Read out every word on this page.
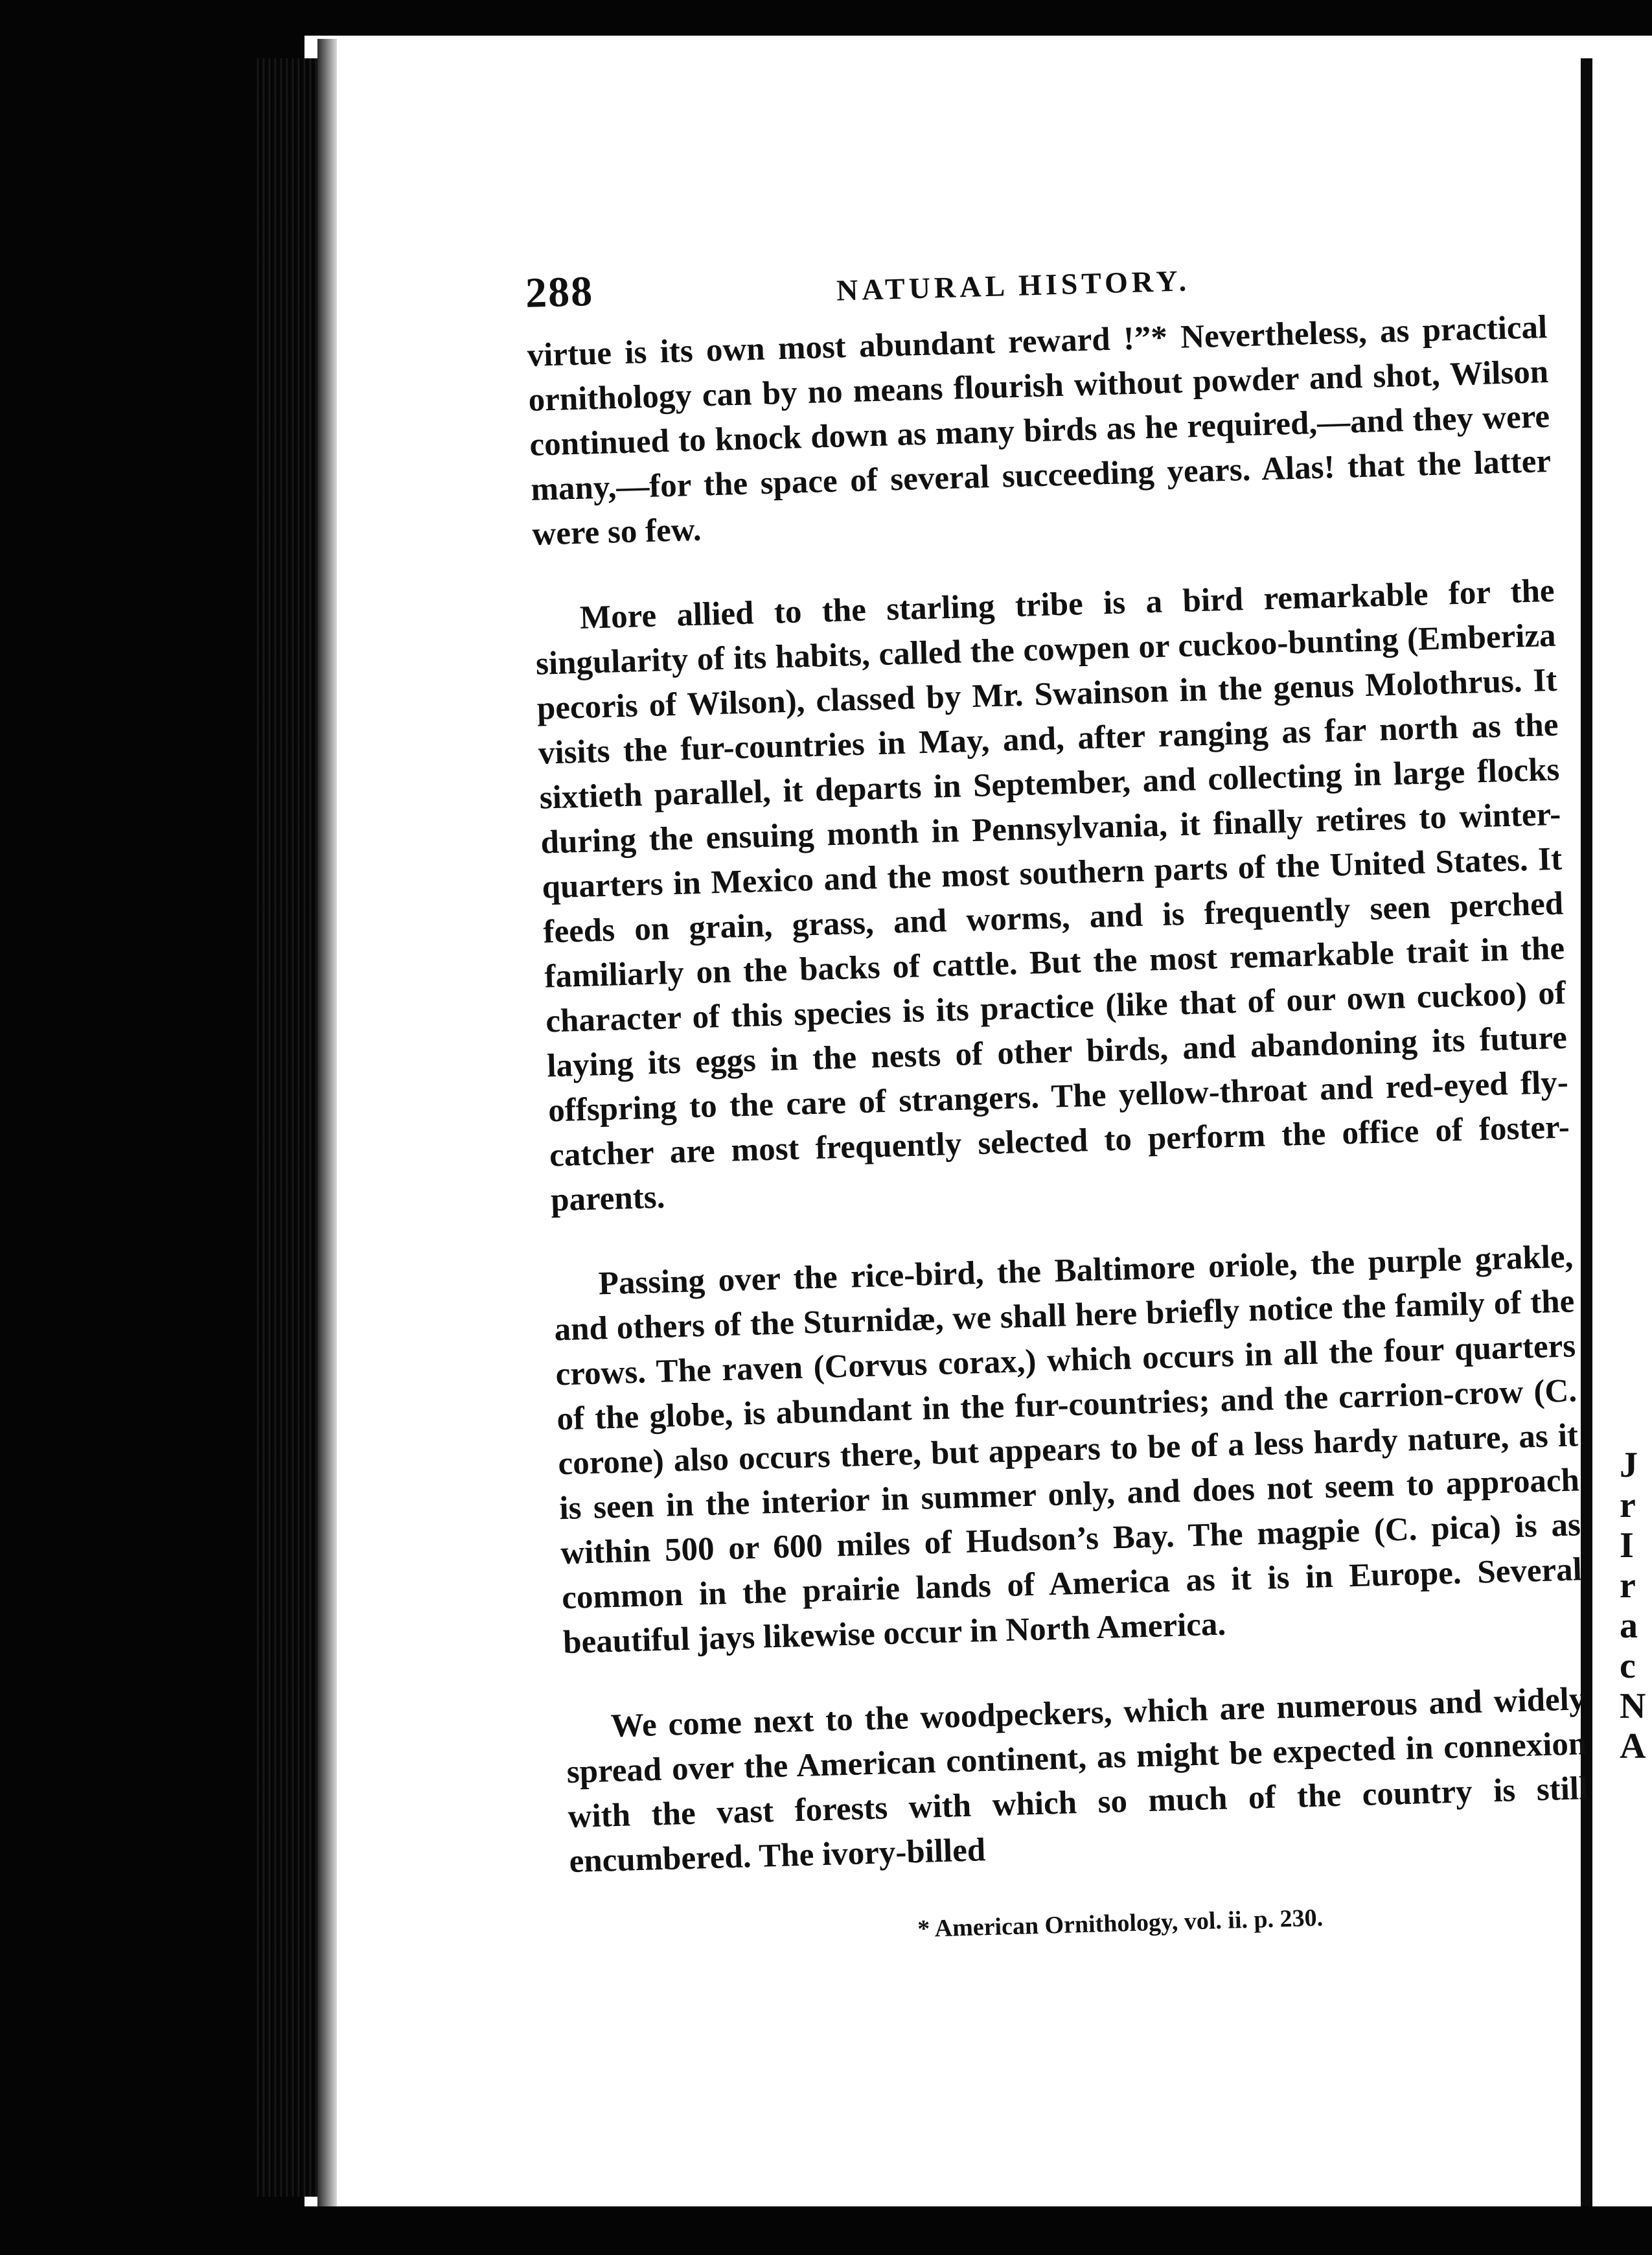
J
r
I
r
a
c
N
A
288	NATURAL HISTORY.

virtue is its own most abundant reward !”* Nevertheless, as practical ornithology can by no means flourish without powder and shot, Wilson continued to knock down as many birds as he required,—and they were many,—for the space of several succeeding years. Alas! that the latter were so few.

More allied to the starling tribe is a bird remarkable for the singularity of its habits, called the cowpen or cuckoo-bunting (Emberiza pecoris of Wilson), classed by Mr. Swainson in the genus Molothrus. It visits the fur-countries in May, and, after ranging as far north as the sixtieth parallel, it departs in September, and collecting in large flocks during the ensuing month in Pennsylvania, it finally retires to winter-quarters in Mexico and the most southern parts of the United States. It feeds on grain, grass, and worms, and is frequently seen perched familiarly on the backs of cattle. But the most remarkable trait in the character of this species is its practice (like that of our own cuckoo) of laying its eggs in the nests of other birds, and abandoning its future offspring to the care of strangers. The yellow-throat and red-eyed fly-catcher are most frequently selected to perform the office of foster-parents.

Passing over the rice-bird, the Baltimore oriole, the purple grakle, and others of the Sturnidæ, we shall here briefly notice the family of the crows. The raven (Corvus corax,) which occurs in all the four quarters of the globe, is abundant in the fur-countries; and the carrion-crow (C. corone) also occurs there, but appears to be of a less hardy nature, as it is seen in the interior in summer only, and does not seem to approach within 500 or 600 miles of Hudson’s Bay. The magpie (C. pica) is as common in the prairie lands of America as it is in Europe. Several beautiful jays likewise occur in North America.

We come next to the woodpeckers, which are numerous and widely spread over the American continent, as might be expected in connexion with the vast forests with which so much of the country is still encumbered. The ivory-billed

* American Ornithology, vol. ii. p. 230.
